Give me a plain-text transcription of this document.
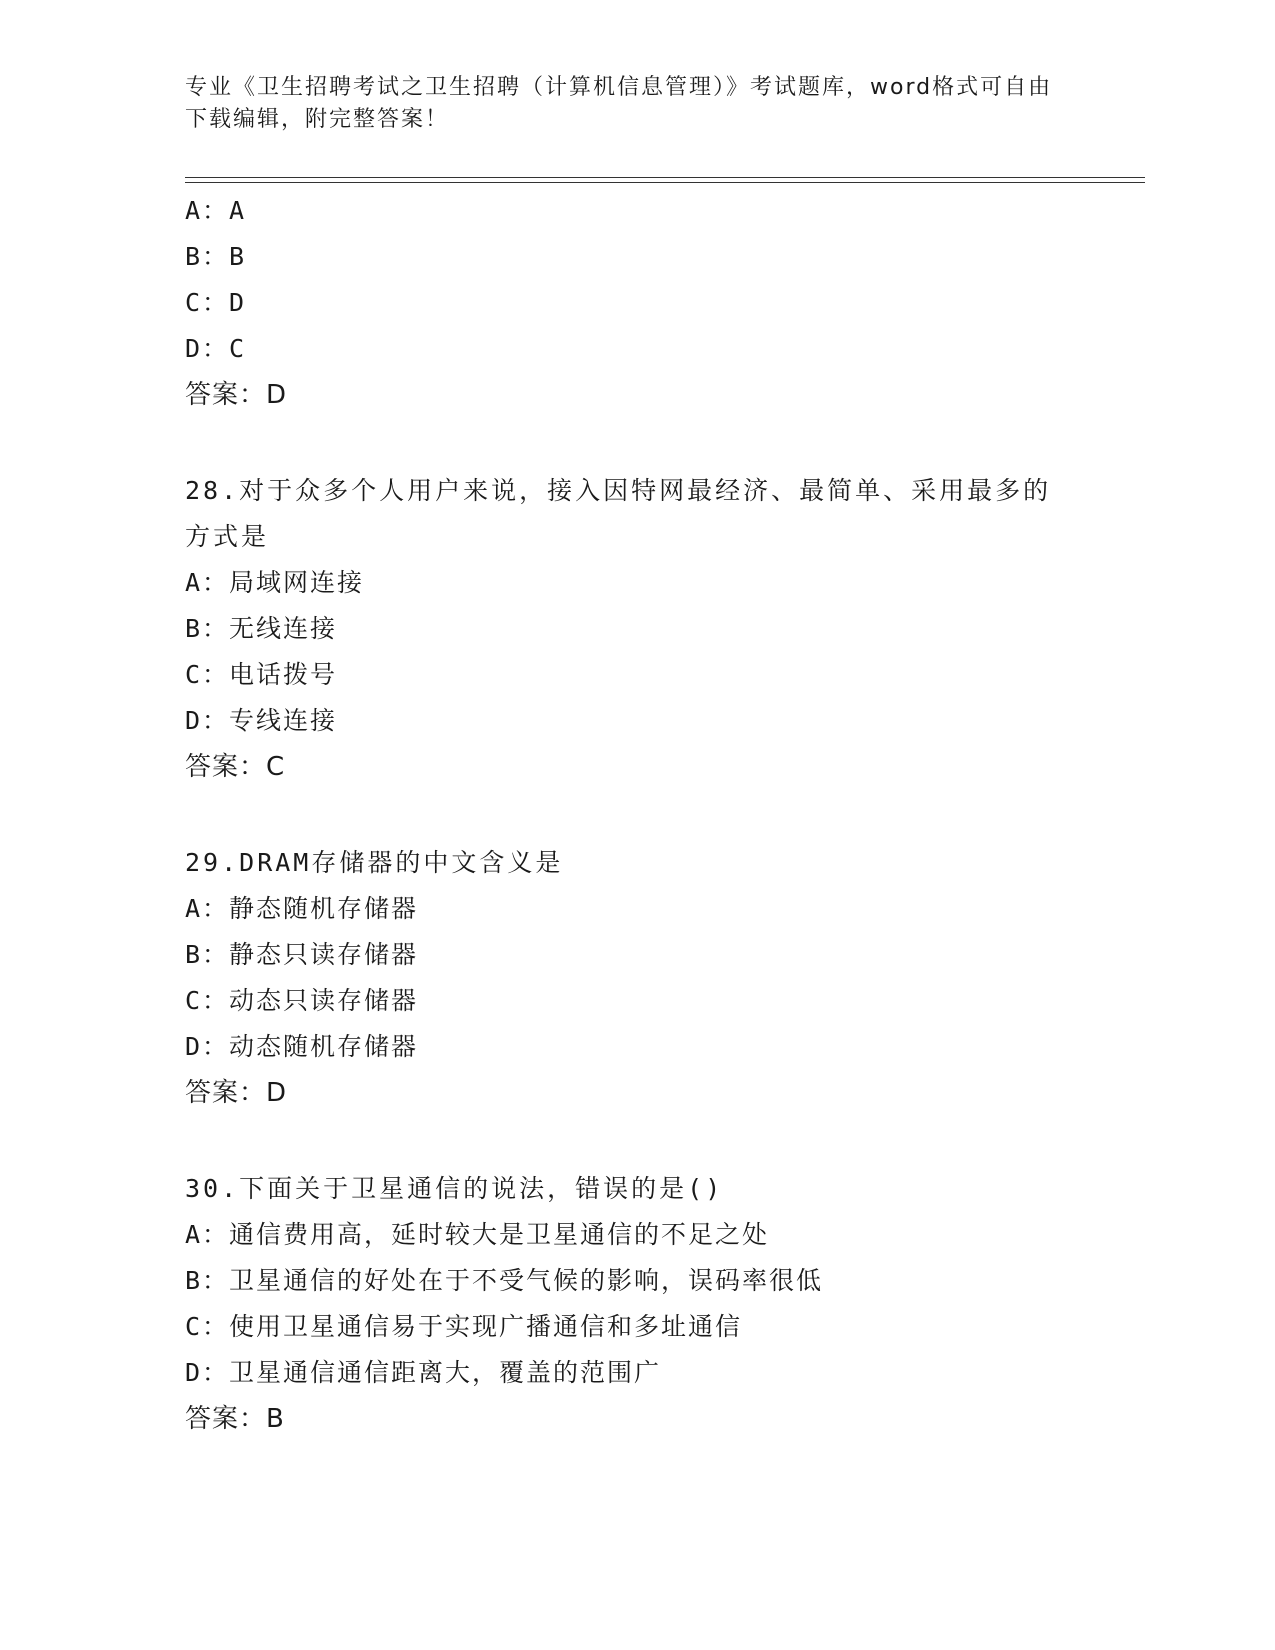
专业《卫生招聘考试之卫生招聘（计算机信息管理）》考试题库，word格式可自由下载编辑，附完整答案！
A：A
B：B
C：D
D：C
答案：D
28.对于众多个人用户来说，接入因特网最经济、最简单、采用最多的方式是
A：局域网连接
B：无线连接
C：电话拨号
D：专线连接
答案：C
29.DRAM存储器的中文含义是
A：静态随机存储器
B：静态只读存储器
C：动态只读存储器
D：动态随机存储器
答案：D
30.下面关于卫星通信的说法，错误的是()
A：通信费用高，延时较大是卫星通信的不足之处
B：卫星通信的好处在于不受气候的影响，误码率很低
C：使用卫星通信易于实现广播通信和多址通信
D：卫星通信通信距离大，覆盖的范围广
答案：B
